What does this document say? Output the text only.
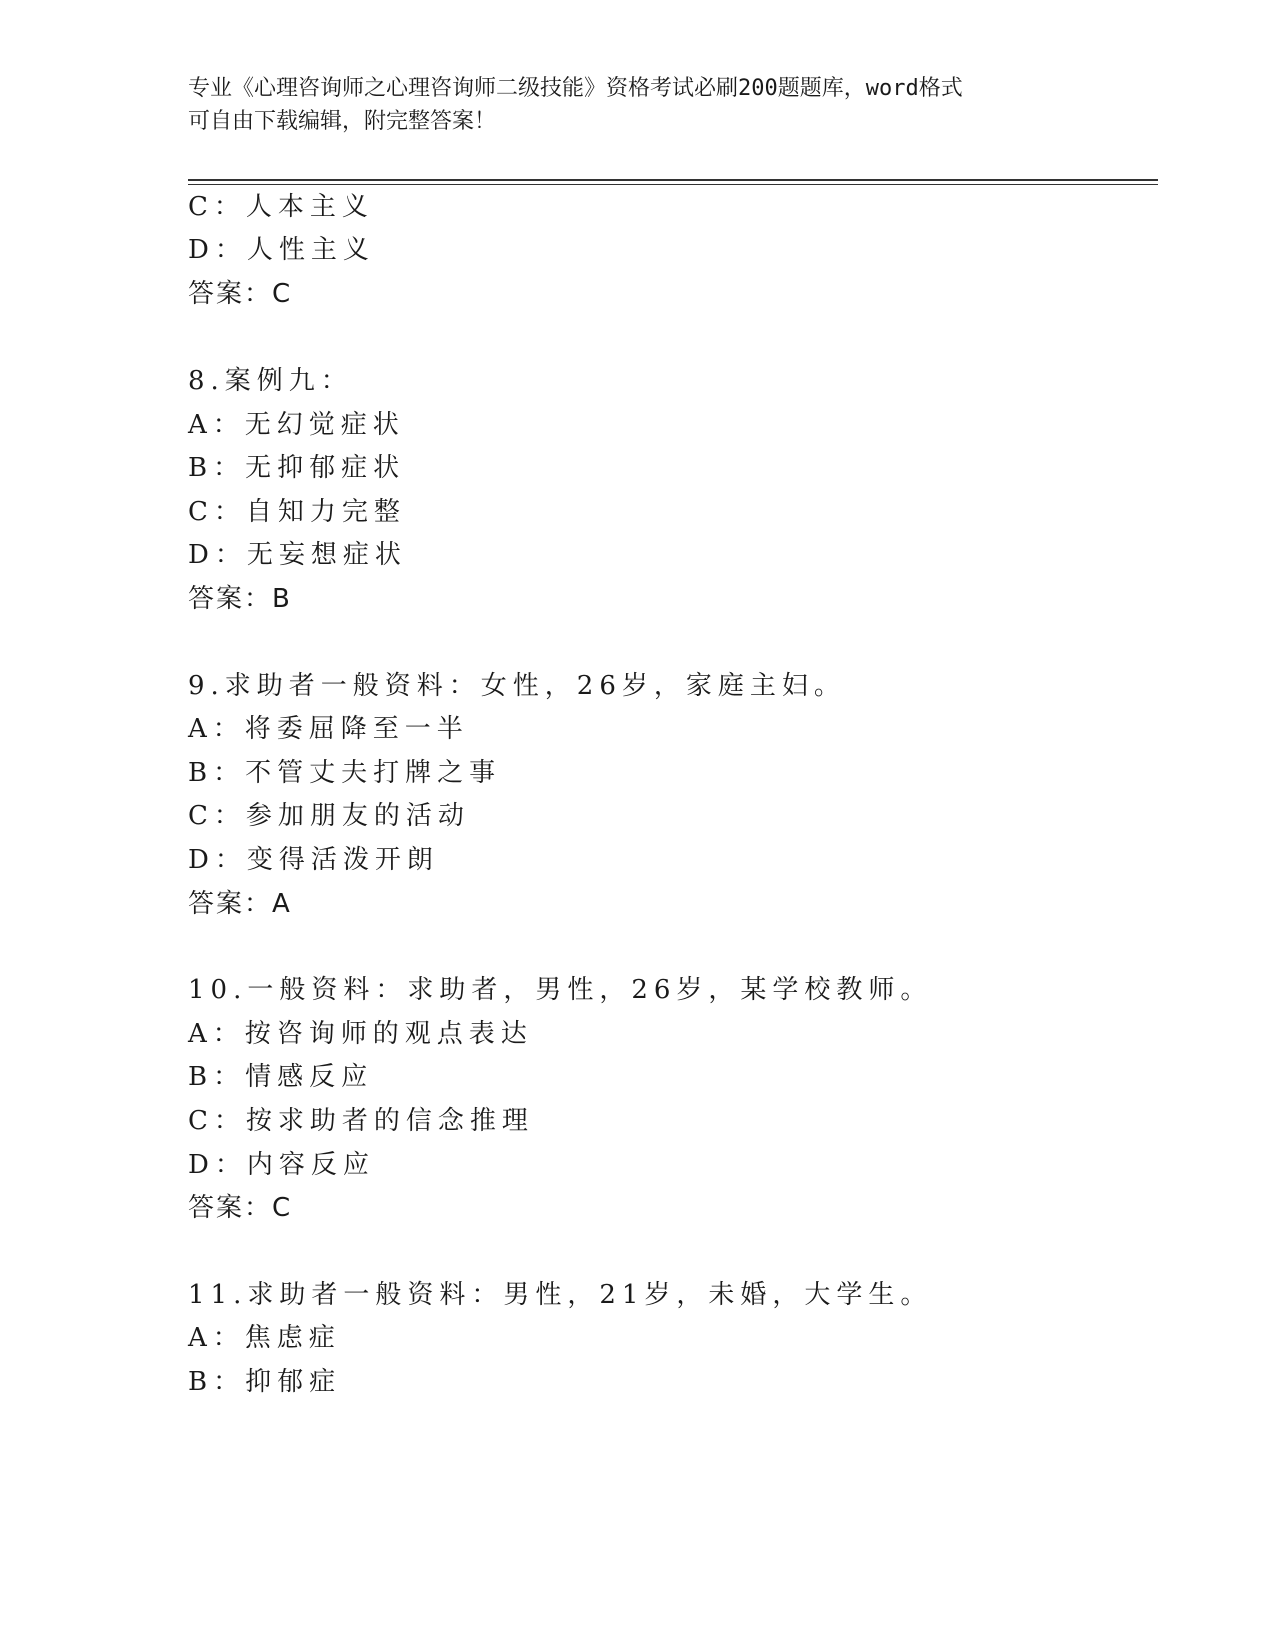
专业《心理咨询师之心理咨询师二级技能》资格考试必刷200题题库，word格式
可自由下载编辑，附完整答案！
C：人本主义
D：人性主义
答案：C
8.案例九：
A：无幻觉症状
B：无抑郁症状
C：自知力完整
D：无妄想症状
答案：B
9.求助者一般资料：女性，26岁，家庭主妇。
A：将委屈降至一半
B：不管丈夫打牌之事
C：参加朋友的活动
D：变得活泼开朗
答案：A
10.一般资料：求助者，男性，26岁，某学校教师。
A：按咨询师的观点表达
B：情感反应
C：按求助者的信念推理
D：内容反应
答案：C
11.求助者一般资料：男性，21岁，未婚，大学生。
A：焦虑症
B：抑郁症
